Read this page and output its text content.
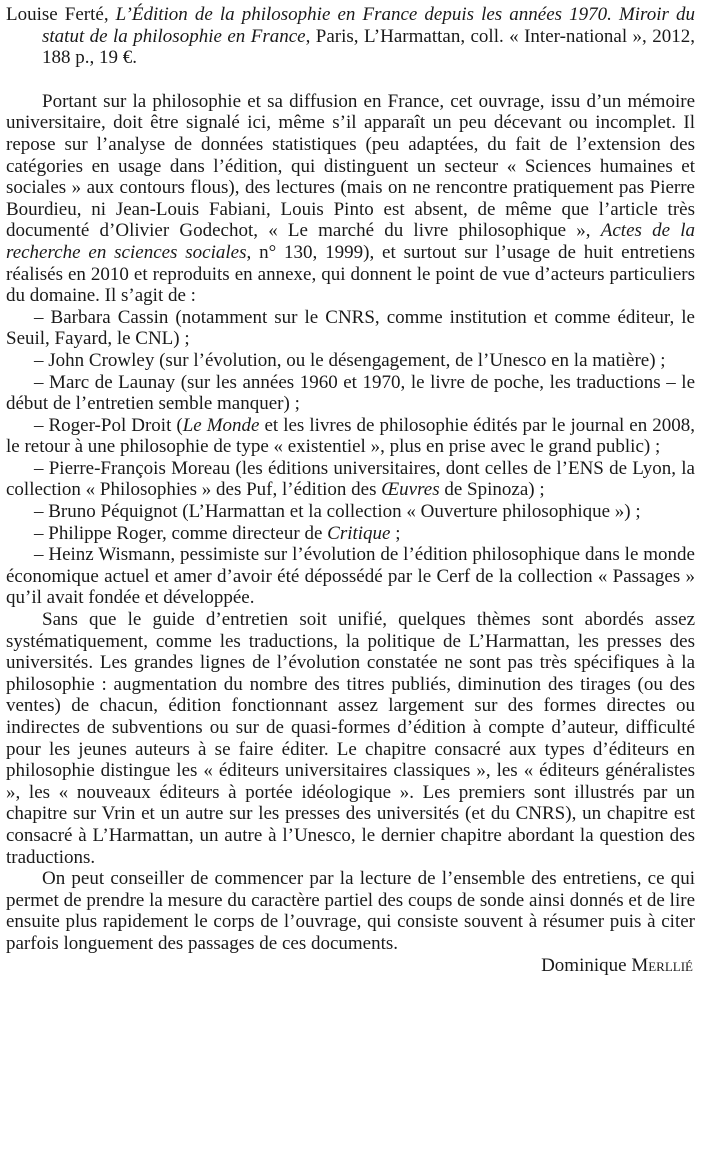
Louise Ferté, L’Édition de la philosophie en France depuis les années 1970. Miroir du statut de la philosophie en France, Paris, L’Harmattan, coll. « Inter-national », 2012, 188 p., 19 €.

Portant sur la philosophie et sa diffusion en France, cet ouvrage, issu d’un mémoire universitaire, doit être signalé ici, même s’il apparaît un peu décevant ou incomplet. Il repose sur l’analyse de données statistiques (peu adaptées, du fait de l’extension des catégories en usage dans l’édition, qui distinguent un secteur « Sciences humaines et sociales » aux contours flous), des lectures (mais on ne rencontre pratiquement pas Pierre Bourdieu, ni Jean-Louis Fabiani, Louis Pinto est absent, de même que l’article très documenté d’Olivier Godechot, « Le marché du livre philosophique », Actes de la recherche en sciences sociales, n° 130, 1999), et surtout sur l’usage de huit entretiens réalisés en 2010 et reproduits en annexe, qui donnent le point de vue d’acteurs particuliers du domaine. Il s’agit de :

– Barbara Cassin (notamment sur le CNRS, comme institution et comme éditeur, le Seuil, Fayard, le CNL) ;

– John Crowley (sur l’évolution, ou le désengagement, de l’Unesco en la matière) ;

– Marc de Launay (sur les années 1960 et 1970, le livre de poche, les traductions – le début de l’entretien semble manquer) ;

– Roger-Pol Droit (Le Monde et les livres de philosophie édités par le journal en 2008, le retour à une philosophie de type « existentiel », plus en prise avec le grand public) ;

– Pierre-François Moreau (les éditions universitaires, dont celles de l’ENS de Lyon, la collection « Philosophies » des Puf, l’édition des Œuvres de Spinoza) ;

– Bruno Péquignot (L’Harmattan et la collection « Ouverture philosophique ») ;

– Philippe Roger, comme directeur de Critique ;

– Heinz Wismann, pessimiste sur l’évolution de l’édition philosophique dans le monde économique actuel et amer d’avoir été dépossédé par le Cerf de la collection « Passages » qu’il avait fondée et développée.

Sans que le guide d’entretien soit unifié, quelques thèmes sont abordés assez systématiquement, comme les traductions, la politique de L’Harmattan, les presses des universités. Les grandes lignes de l’évolution constatée ne sont pas très spécifiques à la philosophie : augmentation du nombre des titres publiés, diminution des tirages (ou des ventes) de chacun, édition fonctionnant assez largement sur des formes directes ou indirectes de subventions ou sur de quasi-formes d’édition à compte d’auteur, difficulté pour les jeunes auteurs à se faire éditer. Le chapitre consacré aux types d’éditeurs en philosophie distingue les « éditeurs universitaires classiques », les « éditeurs généralistes », les « nouveaux éditeurs à portée idéologique ». Les premiers sont illustrés par un chapitre sur Vrin et un autre sur les presses des universités (et du CNRS), un chapitre est consacré à L’Harmattan, un autre à l’Unesco, le dernier chapitre abordant la question des traductions.

On peut conseiller de commencer par la lecture de l’ensemble des entretiens, ce qui permet de prendre la mesure du caractère partiel des coups de sonde ainsi donnés et de lire ensuite plus rapidement le corps de l’ouvrage, qui consiste souvent à résumer puis à citer parfois longuement des passages de ces documents.

Dominique Merllié
